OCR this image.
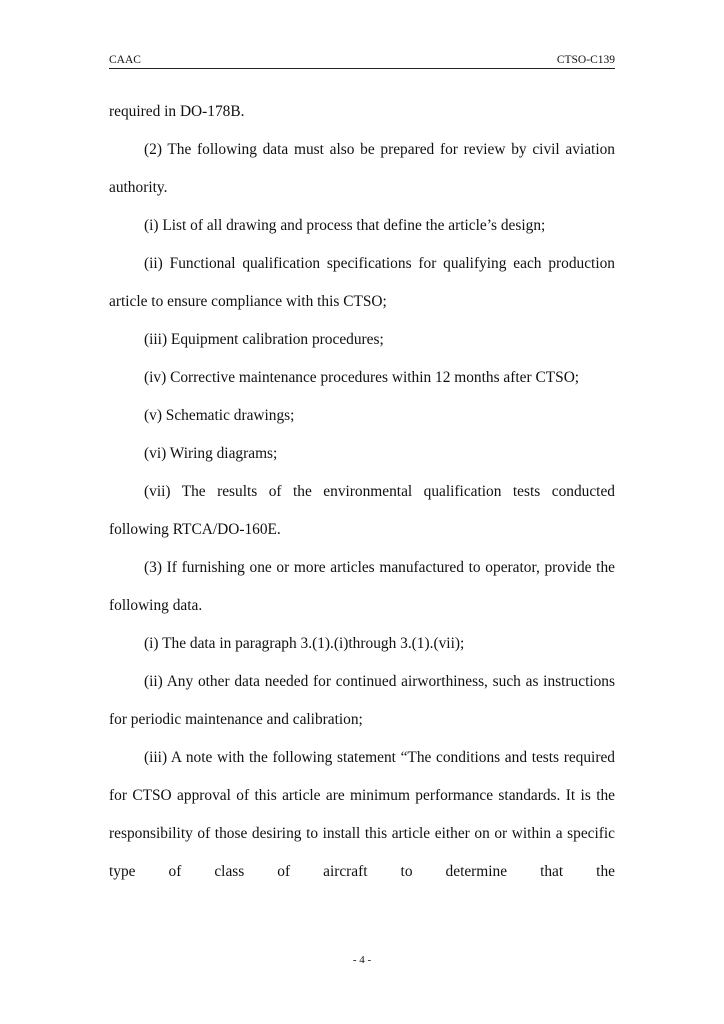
CAAC	CTSO-C139

required in DO-178B.

(2) The following data must also be prepared for review by civil aviation authority.

(i) List of all drawing and process that define the article’s design;

(ii) Functional qualification specifications for qualifying each production article to ensure compliance with this CTSO;

(iii) Equipment calibration procedures;

(iv) Corrective maintenance procedures within 12 months after CTSO;

(v) Schematic drawings;

(vi) Wiring diagrams;

(vii) The results of the environmental qualification tests conducted following RTCA/DO-160E.

(3) If furnishing one or more articles manufactured to operator, provide the following data.

(i) The data in paragraph 3.(1).(i)through 3.(1).(vii);

(ii) Any other data needed for continued airworthiness, such as instructions for periodic maintenance and calibration;

(iii) A note with the following statement “The conditions and tests required for CTSO approval of this article are minimum performance standards. It is the responsibility of those desiring to install this article either on or within a specific type of class of aircraft to determine that the

- 4 -
